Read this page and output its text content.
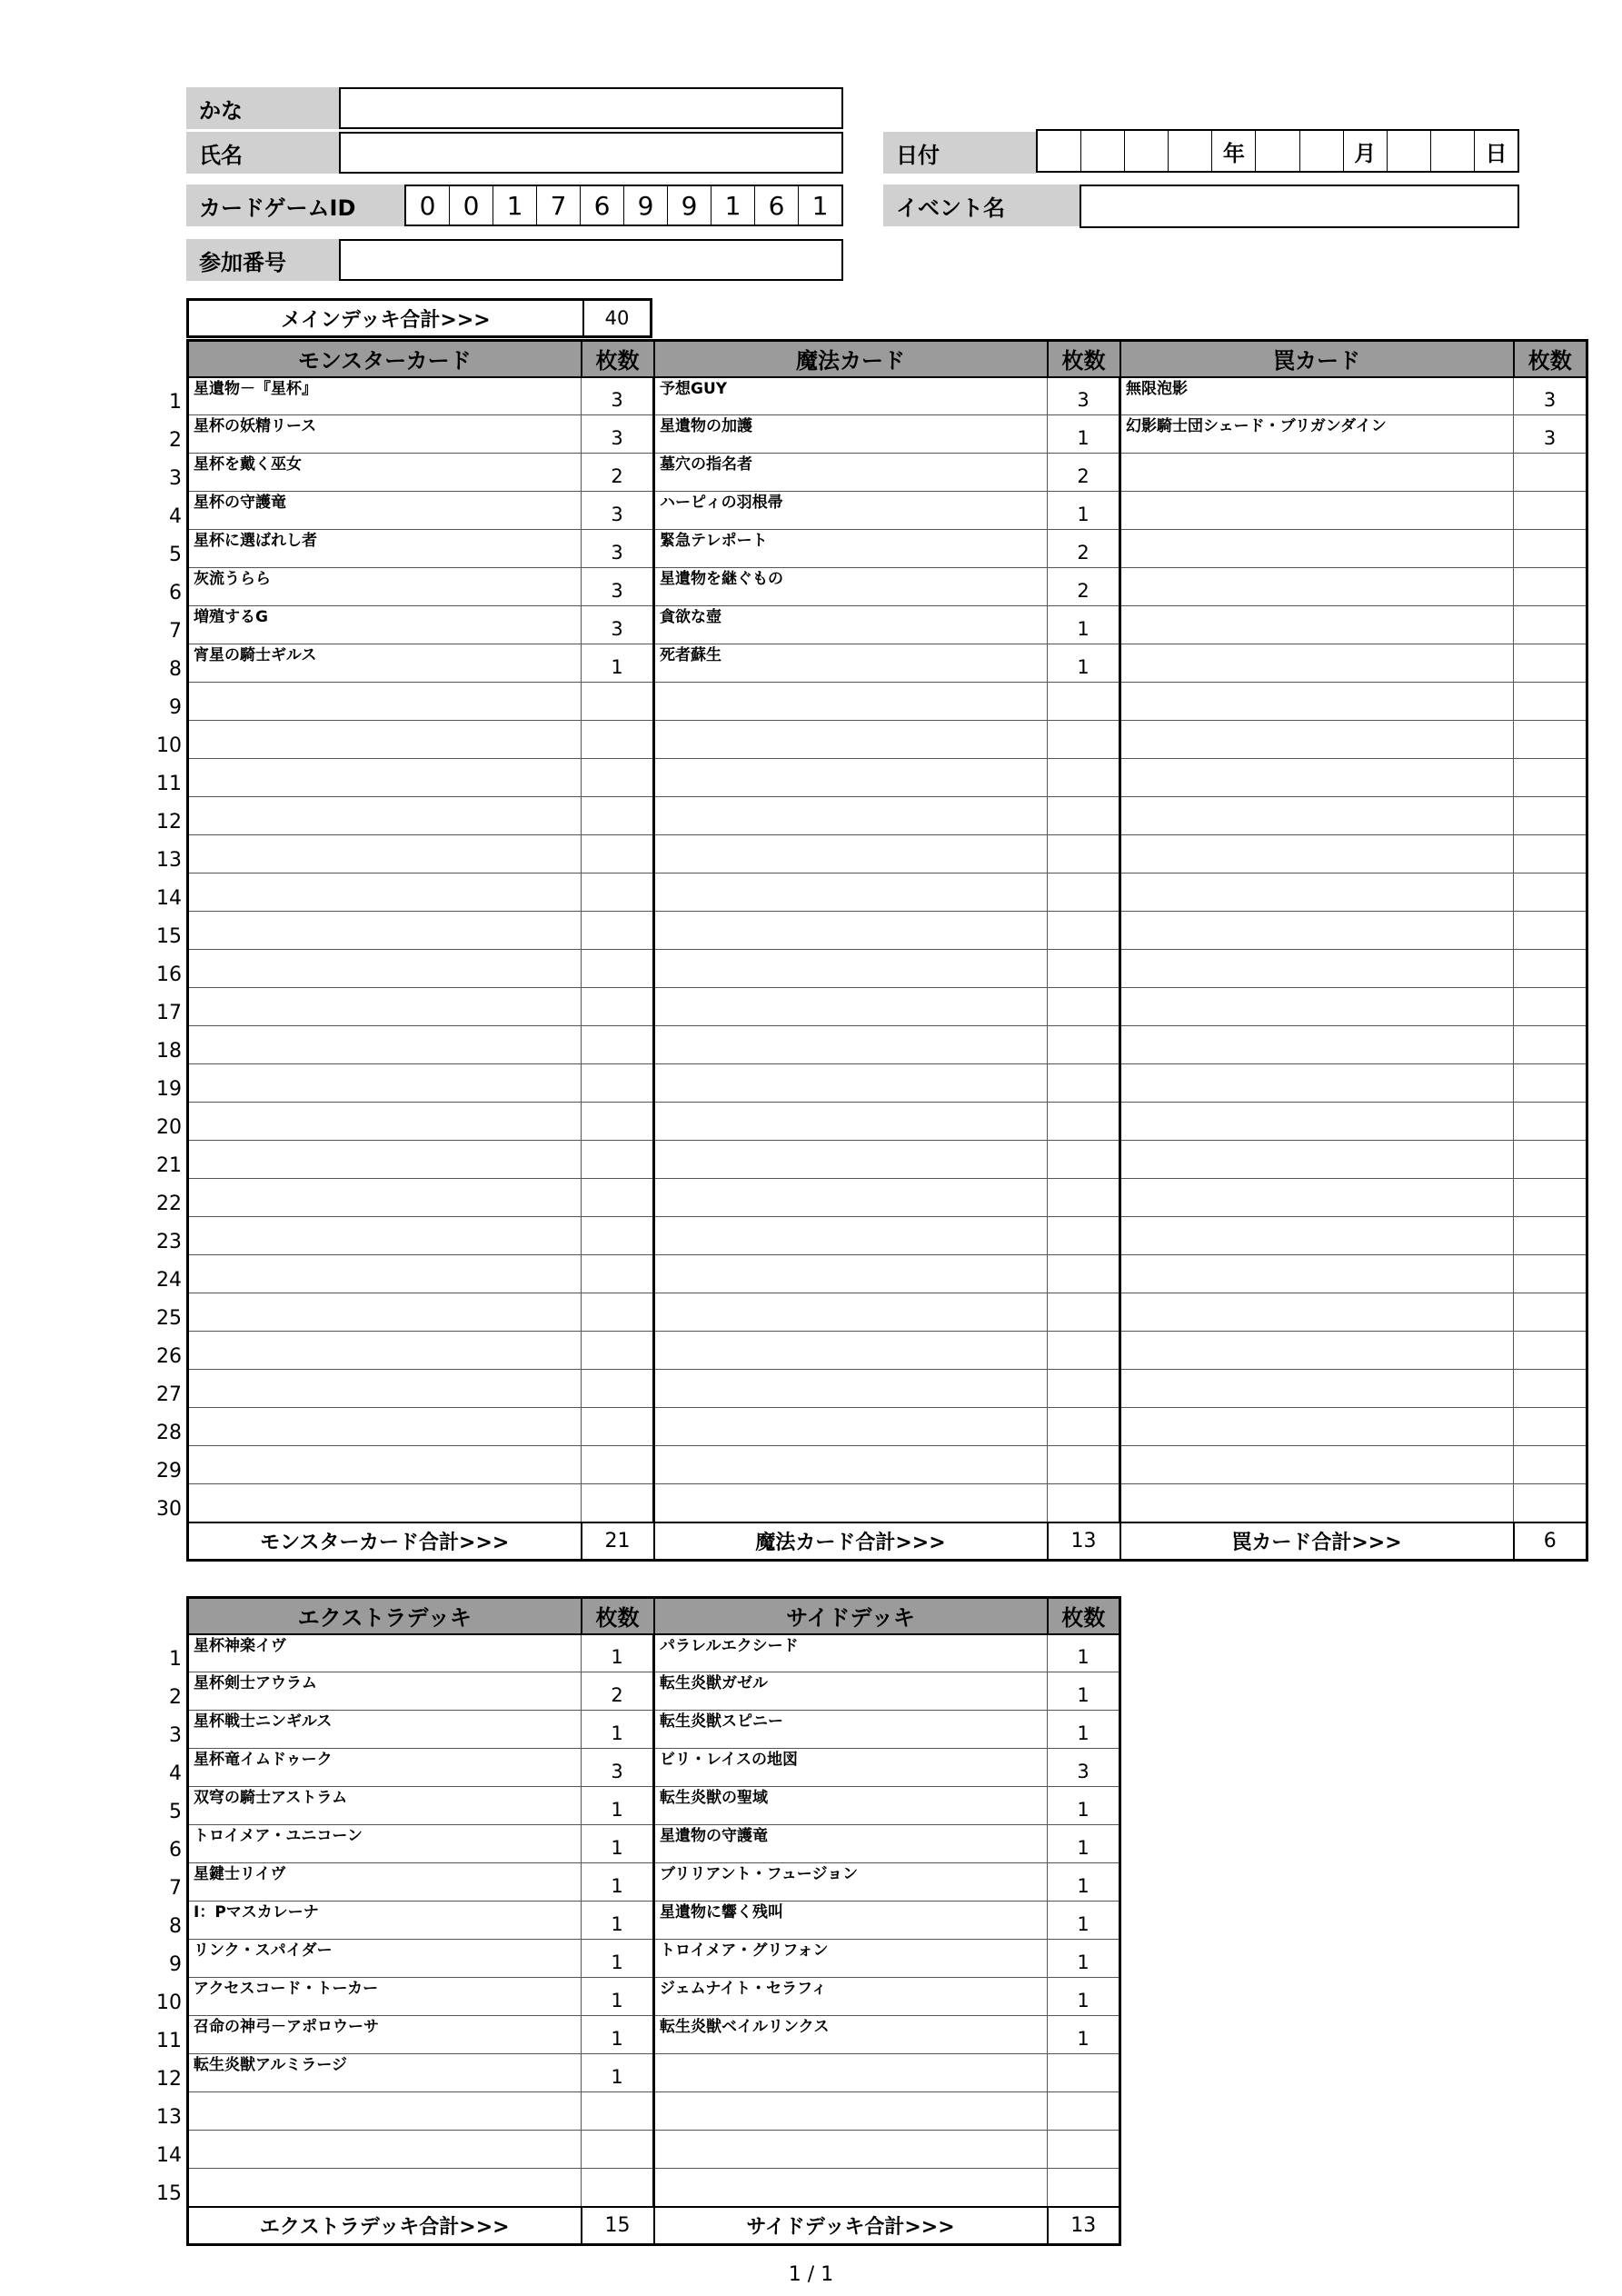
かな
氏名
カードゲームID	0	0	1	7	6	9	9	1	6	1
参加番号
日付	年	月	日
イベント名
メインデッキ合計>>>	40
1
2
3
4
5
6
7
8
9
10
11
12
13
14
15
16
17
18
19
20
21
22
23
24
25
26
27
28
29
30
モンスターカード	枚数	魔法カード	枚数	罠カード	枚数
星遺物－『星杯』	3	予想GUY	3	無限泡影	3
星杯の妖精リース	3	星遺物の加護	1	幻影騎士団シェード・ブリガンダイン	3
星杯を戴く巫女	2	墓穴の指名者	2		
星杯の守護竜	3	ハーピィの羽根帚	1		
星杯に選ばれし者	3	緊急テレポート	2		
灰流うらら	3	星遺物を継ぐもの	2		
増殖するG	3	貪欲な壺	1		
宵星の騎士ギルス	1	死者蘇生	1		

モンスターカード合計>>>	21	魔法カード合計>>>	13	罠カード合計>>>	6
1
2
3
4
5
6
7
8
9
10
11
12
13
14
15
エクストラデッキ	枚数	サイドデッキ	枚数
星杯神楽イヴ	1	パラレルエクシード	1
星杯剣士アウラム	2	転生炎獣ガゼル	1
星杯戦士ニンギルス	1	転生炎獣スピニー	1
星杯竜イムドゥーク	3	ビリ・レイスの地図	3
双穹の騎士アストラム	1	転生炎獣の聖域	1
トロイメア・ユニコーン	1	星遺物の守護竜	1
星鍵士リイヴ	1	ブリリアント・フュージョン	1
I：Pマスカレーナ	1	星遺物に響く残叫	1
リンク・スパイダー	1	トロイメア・グリフォン	1
アクセスコード・トーカー	1	ジェムナイト・セラフィ	1
召命の神弓－アポロウーサ	1	転生炎獣ベイルリンクス	1
転生炎獣アルミラージ	1		

エクストラデッキ合計>>>	15	サイドデッキ合計>>>	13
1 / 1
